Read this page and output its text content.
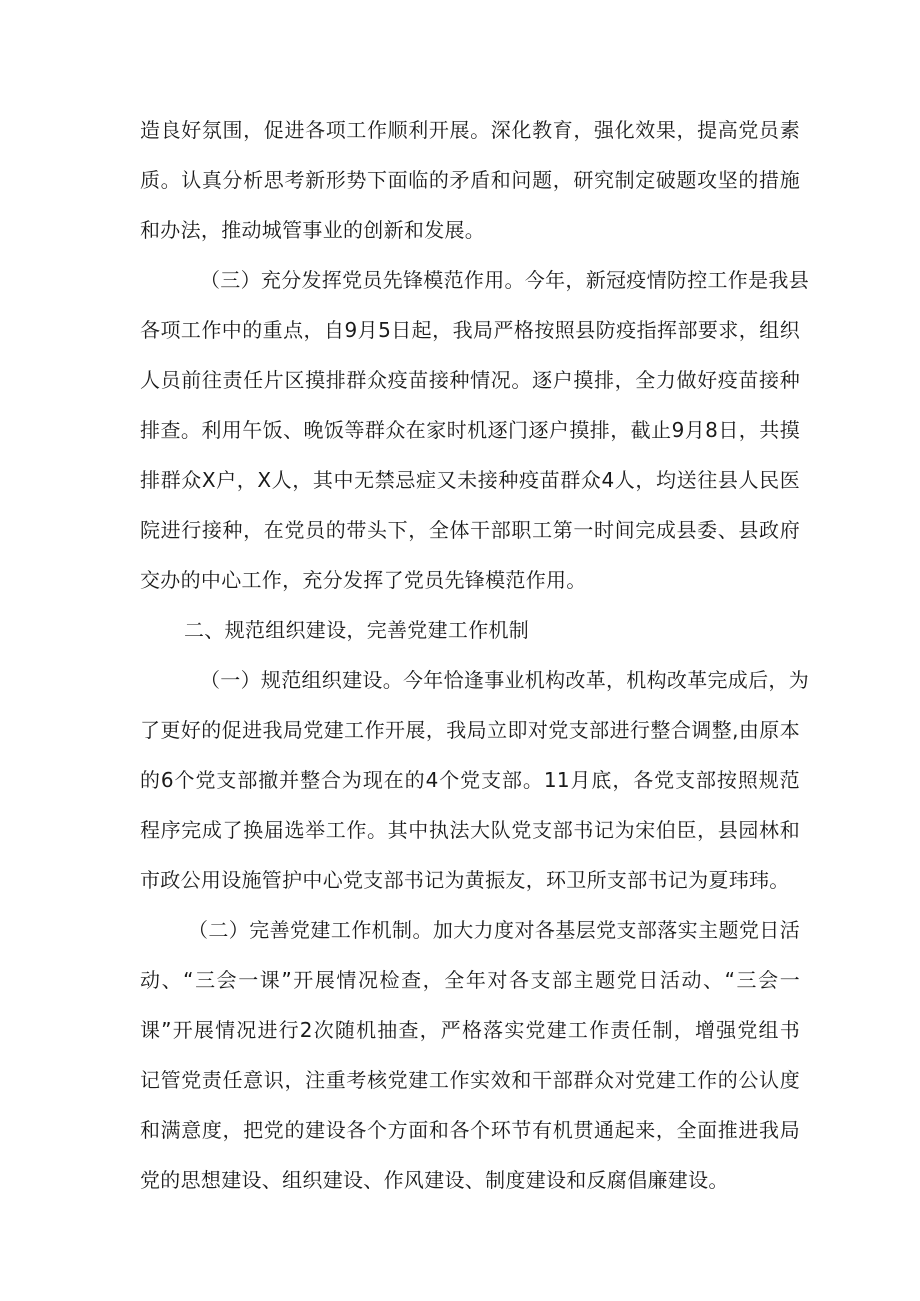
造良好氛围，促进各项工作顺利开展。深化教育，强化效果，提高党员素
质。认真分析思考新形势下面临的矛盾和问题，研究制定破题攻坚的措施
和办法，推动城管事业的创新和发展。
（三）充分发挥党员先锋模范作用。今年，新冠疫情防控工作是我县
各项工作中的重点，自9月5日起，我局严格按照县防疫指挥部要求，组织
人员前往责任片区摸排群众疫苗接种情况。逐户摸排，全力做好疫苗接种
排查。利用午饭、晚饭等群众在家时机逐门逐户摸排，截止9月8日，共摸
排群众X户，X人，其中无禁忌症又未接种疫苗群众4人，均送往县人民医
院进行接种，在党员的带头下，全体干部职工第一时间完成县委、县政府
交办的中心工作，充分发挥了党员先锋模范作用。
二、规范组织建设，完善党建工作机制
（一）规范组织建设。今年恰逢事业机构改革，机构改革完成后，为
了更好的促进我局党建工作开展，我局立即对党支部进行整合调整,由原本
的6个党支部撤并整合为现在的4个党支部。11月底，各党支部按照规范
程序完成了换届选举工作。其中执法大队党支部书记为宋伯臣，县园林和
市政公用设施管护中心党支部书记为黄振友，环卫所支部书记为夏玮玮。
（二）完善党建工作机制。加大力度对各基层党支部落实主题党日活
动、“三会一课”开展情况检查，全年对各支部主题党日活动、“三会一
课”开展情况进行2次随机抽查，严格落实党建工作责任制，增强党组书
记管党责任意识，注重考核党建工作实效和干部群众对党建工作的公认度
和满意度，把党的建设各个方面和各个环节有机贯通起来，全面推进我局
党的思想建设、组织建设、作风建设、制度建设和反腐倡廉建设。
